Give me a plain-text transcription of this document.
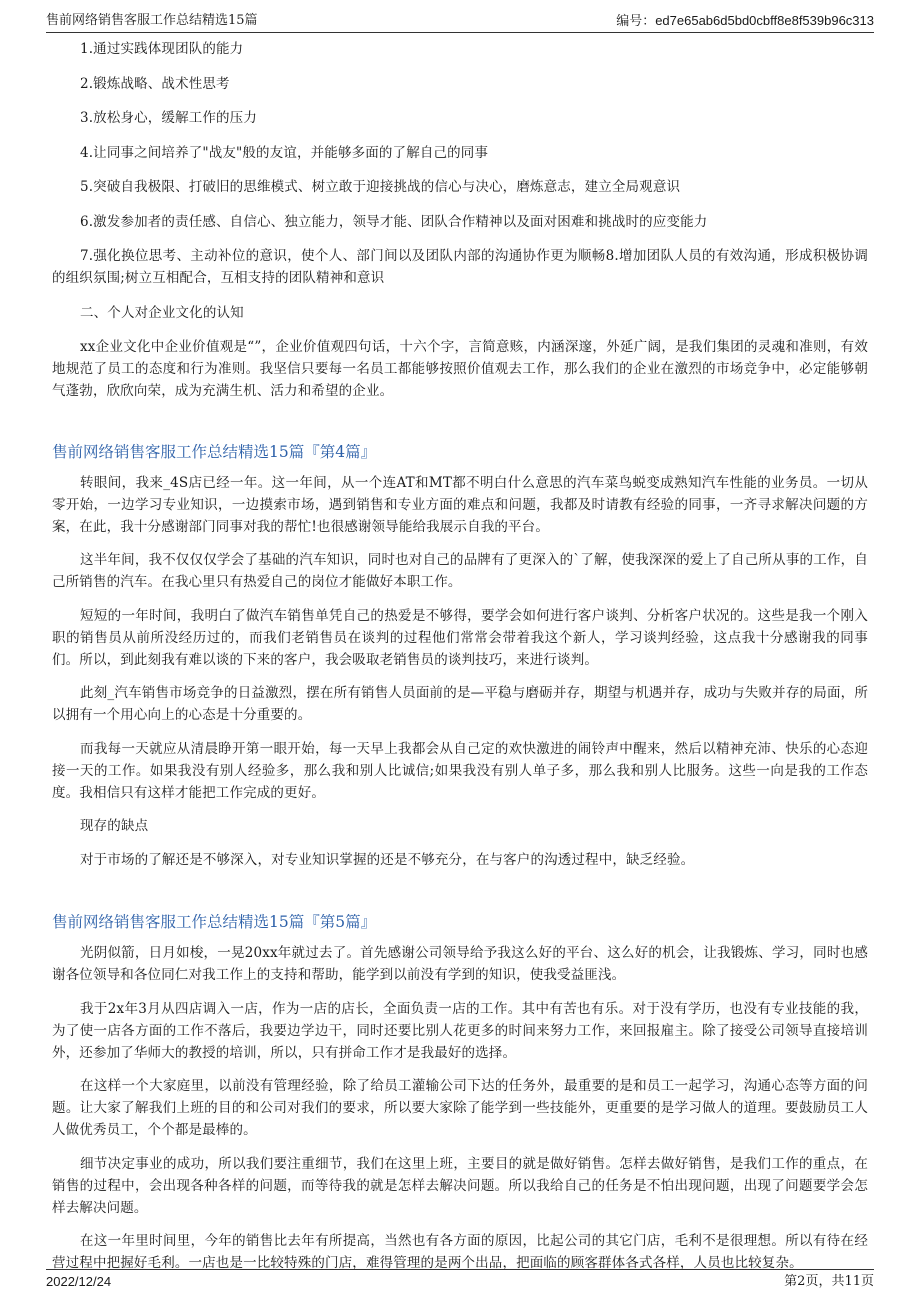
售前网络销售客服工作总结精选15篇	编号：ed7e65ab6d5bd0cbff8e8f539b96c313

1.通过实践体现团队的能力

2.锻炼战略、战术性思考

3.放松身心，缓解工作的压力

4.让同事之间培养了"战友"般的友谊，并能够多面的了解自己的同事

5.突破自我极限、打破旧的思维模式、树立敢于迎接挑战的信心与决心，磨炼意志，建立全局观意识

6.激发参加者的责任感、自信心、独立能力，领导才能、团队合作精神以及面对困难和挑战时的应变能力

7.强化换位思考、主动补位的意识，使个人、部门间以及团队内部的沟通协作更为顺畅8.增加团队人员的有效沟通，形成积极协调的组织氛围;树立互相配合，互相支持的团队精神和意识

二、个人对企业文化的认知

xx企业文化中企业价值观是“”，企业价值观四句话，十六个字，言简意赅，内涵深邃，外延广阔，是我们集团的灵魂和准则，有效地规范了员工的态度和行为准则。我坚信只要每一名员工都能够按照价值观去工作，那么我们的企业在激烈的市场竞争中，必定能够朝气蓬勃，欣欣向荣，成为充满生机、活力和希望的企业。

售前网络销售客服工作总结精选15篇『第4篇』

转眼间，我来_4S店已经一年。这一年间，从一个连AT和MT都不明白什么意思的汽车菜鸟蜕变成熟知汽车性能的业务员。一切从零开始，一边学习专业知识，一边摸索市场，遇到销售和专业方面的难点和问题，我都及时请教有经验的同事，一齐寻求解决问题的方案，在此，我十分感谢部门同事对我的帮忙!也很感谢领导能给我展示自我的平台。

这半年间，我不仅仅仅学会了基础的汽车知识，同时也对自己的品牌有了更深入的`了解，使我深深的爱上了自己所从事的工作，自己所销售的汽车。在我心里只有热爱自己的岗位才能做好本职工作。

短短的一年时间，我明白了做汽车销售单凭自己的热爱是不够得，要学会如何进行客户谈判、分析客户状况的。这些是我一个刚入职的销售员从前所没经历过的，而我们老销售员在谈判的过程他们常常会带着我这个新人，学习谈判经验，这点我十分感谢我的同事们。所以，到此刻我有难以谈的下来的客户，我会吸取老销售员的谈判技巧，来进行谈判。

此刻_汽车销售市场竞争的日益激烈，摆在所有销售人员面前的是—平稳与磨砺并存，期望与机遇并存，成功与失败并存的局面，所以拥有一个用心向上的心态是十分重要的。

而我每一天就应从清晨睁开第一眼开始，每一天早上我都会从自己定的欢快激进的闹铃声中醒来，然后以精神充沛、快乐的心态迎接一天的工作。如果我没有别人经验多，那么我和别人比诚信;如果我没有别人单子多，那么我和别人比服务。这些一向是我的工作态度。我相信只有这样才能把工作完成的更好。

现存的缺点

对于市场的了解还是不够深入，对专业知识掌握的还是不够充分，在与客户的沟透过程中，缺乏经验。

售前网络销售客服工作总结精选15篇『第5篇』

光阴似箭，日月如梭，一晃20xx年就过去了。首先感谢公司领导给予我这么好的平台、这么好的机会，让我锻炼、学习，同时也感谢各位领导和各位同仁对我工作上的支持和帮助，能学到以前没有学到的知识，使我受益匪浅。

我于2x年3月从四店调入一店，作为一店的店长，全面负责一店的工作。其中有苦也有乐。对于没有学历，也没有专业技能的我，为了使一店各方面的工作不落后，我要边学边干，同时还要比别人花更多的时间来努力工作，来回报雇主。除了接受公司领导直接培训外，还参加了华师大的教授的培训，所以，只有拼命工作才是我最好的选择。

在这样一个大家庭里，以前没有管理经验，除了给员工灌输公司下达的任务外，最重要的是和员工一起学习，沟通心态等方面的问题。让大家了解我们上班的目的和公司对我们的要求，所以要大家除了能学到一些技能外，更重要的是学习做人的道理。要鼓励员工人人做优秀员工，个个都是最棒的。

细节决定事业的成功，所以我们要注重细节，我们在这里上班，主要目的就是做好销售。怎样去做好销售，是我们工作的重点，在销售的过程中，会出现各种各样的问题，而等待我的就是怎样去解决问题。所以我给自己的任务是不怕出现问题，出现了问题要学会怎样去解决问题。

在这一年里时间里，今年的销售比去年有所提高，当然也有各方面的原因，比起公司的其它门店，毛利不是很理想。所以有待在经营过程中把握好毛利。一店也是一比较特殊的门店，难得管理的是两个出品，把面临的顾客群体各式各样，人员也比较复杂。

2022/12/24	第2页，共11页
